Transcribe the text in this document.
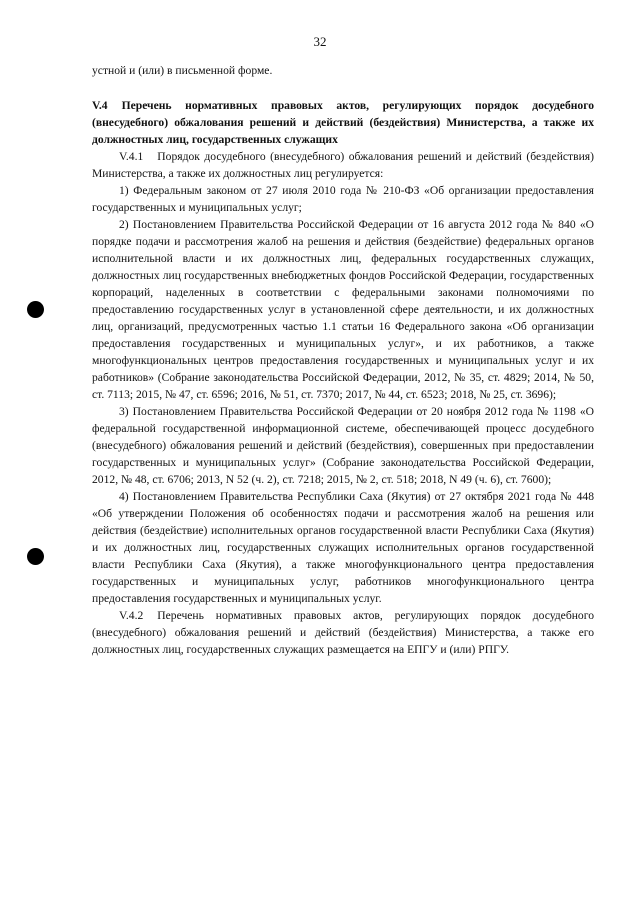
32

устной и (или) в письменной форме.

V.4 Перечень нормативных правовых актов, регулирующих порядок досудебного (внесудебного) обжалования решений и действий (бездействия) Министерства, а также их должностных лиц, государственных служащих

V.4.1 Порядок досудебного (внесудебного) обжалования решений и действий (бездействия) Министерства, а также их должностных лиц регулируется:

1) Федеральным законом от 27 июля 2010 года № 210-ФЗ «Об организации предоставления государственных и муниципальных услуг;

2) Постановлением Правительства Российской Федерации от 16 августа 2012 года № 840 «О порядке подачи и рассмотрения жалоб на решения и действия (бездействие) федеральных органов исполнительной власти и их должностных лиц, федеральных государственных служащих, должностных лиц государственных внебюджетных фондов Российской Федерации, государственных корпораций, наделенных в соответствии с федеральными законами полномочиями по предоставлению государственных услуг в установленной сфере деятельности, и их должностных лиц, организаций, предусмотренных частью 1.1 статьи 16 Федерального закона «Об организации предоставления государственных и муниципальных услуг», и их работников, а также многофункциональных центров предоставления государственных и муниципальных услуг и их работников» (Собрание законодательства Российской Федерации, 2012, № 35, ст. 4829; 2014, № 50, ст. 7113; 2015, № 47, ст. 6596; 2016, № 51, ст. 7370; 2017, № 44, ст. 6523; 2018, № 25, ст. 3696);

3) Постановлением Правительства Российской Федерации от 20 ноября 2012 года № 1198 «О федеральной государственной информационной системе, обеспечивающей процесс досудебного (внесудебного) обжалования решений и действий (бездействия), совершенных при предоставлении государственных и муниципальных услуг» (Собрание законодательства Российской Федерации, 2012, № 48, ст. 6706; 2013, N 52 (ч. 2), ст. 7218; 2015, № 2, ст. 518; 2018, N 49 (ч. 6), ст. 7600);

4) Постановлением Правительства Республики Саха (Якутия) от 27 октября 2021 года № 448 «Об утверждении Положения об особенностях подачи и рассмотрения жалоб на решения или действия (бездействие) исполнительных органов государственной власти Республики Саха (Якутия) и их должностных лиц, государственных служащих исполнительных органов государственной власти Республики Саха (Якутия), а также многофункционального центра предоставления государственных и муниципальных услуг, работников многофункционального центра предоставления государственных и муниципальных услуг.

V.4.2 Перечень нормативных правовых актов, регулирующих порядок досудебного (внесудебного) обжалования решений и действий (бездействия) Министерства, а также его должностных лиц, государственных служащих размещается на ЕПГУ и (или) РПГУ.
